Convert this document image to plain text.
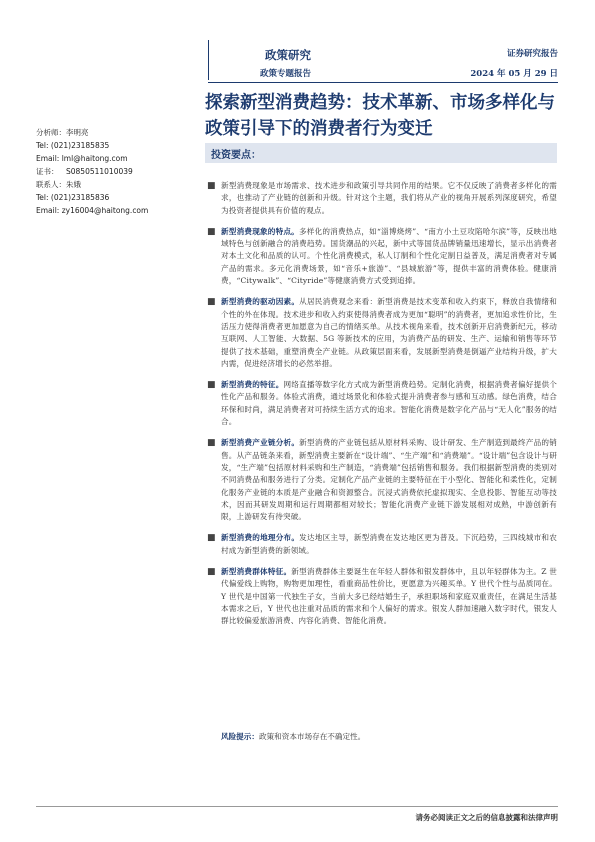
政策研究
政策专题报告
证券研究报告
2024 年 05 月 29 日
探索新型消费趋势：技术革新、市场多样化与政策引导下的消费者行为变迁
分析师：李明亮
Tel: (021)23185835
Email: lml@haitong.com
证书： S0850511010039
联系人：朱娥
Tel: (021)23185836
Email: zy16004@haitong.com
投资要点：
■ 新型消费现象是市场需求、技术进步和政策引导共同作用的结果。它不仅反映了消费者多样化的需求，也推动了产业链的创新和升级。针对这个主题，我们将从产业的视角开展系列深度研究，希望为投资者提供具有价值的观点。
■ 新型消费现象的特点。多样化的消费热点，如“淄博烧烤”、“南方小土豆攻陷哈尔滨”等，反映出地域特色与创新融合的消费趋势。国货潮品的兴起，新中式等国货品牌销量迅速增长，显示出消费者对本土文化和品质的认可。个性化消费模式，私人订制和个性化定制日益普及，满足消费者对专属产品的需求。多元化消费场景，如“音乐+旅游”、“县城旅游”等，提供丰富的消费体验。健康消费，“Citywalk”、“Cityride”等健康消费方式受到追捧。
■ 新型消费的驱动因素。从居民消费观念来看：新型消费是技术变革和收入约束下，释放自我情绪和个性的外在体现。技术进步和收入约束使得消费者成为更加“聪明”的消费者，更加追求性价比，生活压力使得消费者更加愿意为自己的情绪买单。从技术视角来看，技术创新开启消费新纪元，移动互联网、人工智能、大数据、5G 等新技术的应用，为消费产品的研发、生产、运输和销售等环节提供了技术基础，重塑消费全产业链。从政策层面来看，发展新型消费是倒逼产业结构升级，扩大内需，促进经济增长的必然举措。
■ 新型消费的特征。网络直播等数字化方式成为新型消费趋势。定制化消费，根据消费者偏好提供个性化产品和服务。体验式消费，通过场景化和体验式提升消费者参与感和互动感。绿色消费，结合环保和时尚，满足消费者对可持续生活方式的追求。智能化消费是数字化产品与“无人化”服务的结合。
■ 新型消费产业链分析。新型消费的产业链包括从原材料采购、设计研发、生产制造到最终产品的销售。从产品链条来看，新型消费主要新在“设计端”、“生产端”和“消费端”。“设计端”包含设计与研发，“生产端”包括原材料采购和生产制造，“消费端”包括销售和服务。我们根据新型消费的类别对不同消费品和服务进行了分类。定制化产品产业链的主要特征在于小型化、智能化和柔性化，定制化服务产业链的本质是产业融合和资源整合。沉浸式消费依托虚拟现实、全息投影、智能互动等技术，因而其研发周期和运行周期都相对较长；智能化消费产业链下游发展相对成熟，中游创新有限，上游研发有待突破。
■ 新型消费的地理分布。发达地区主导，新型消费在发达地区更为普及。下沉趋势，三四线城市和农村成为新型消费的新领域。
■ 新型消费群体特征。新型消费群体主要诞生在年轻人群体和银发群体中，且以年轻群体为主。Z 世代偏爱线上购物，购物更加理性，看重商品性价比，更愿意为兴趣买单。Y 世代个性与品质同在。Y 世代是中国第一代独生子女，当前大多已经结婚生子，承担职场和家庭双重责任，在满足生活基本需求之后，Y 世代也注重对品质的需求和个人偏好的需求。银发人群加速融入数字时代，银发人群比较偏爱旅游消费、内容化消费、智能化消费。
风险提示：政策和资本市场存在不确定性。
请务必阅读正文之后的信息披露和法律声明
